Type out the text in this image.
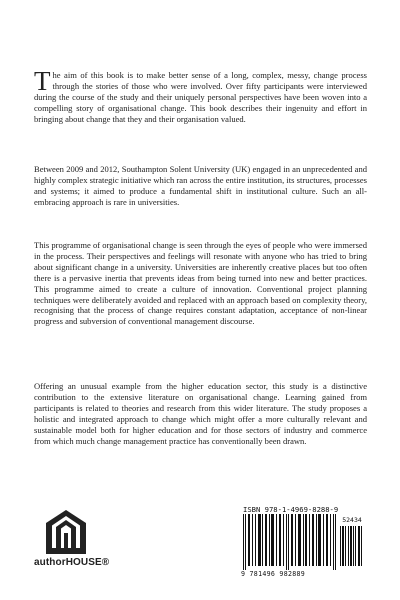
The aim of this book is to make better sense of a long, complex, messy, change process through the stories of those who were involved. Over fifty participants were interviewed during the course of the study and their uniquely personal perspectives have been woven into a compelling story of organisational change. This book describes their ingenuity and effort in bringing about change that they and their organisation valued.

Between 2009 and 2012, Southampton Solent University (UK) engaged in an unprecedented and highly complex strategic initiative which ran across the entire institution, its structures, processes and systems; it aimed to produce a fundamental shift in institutional culture. Such an all-embracing approach is rare in universities.

This programme of organisational change is seen through the eyes of people who were immersed in the process. Their perspectives and feelings will resonate with anyone who has tried to bring about significant change in a university. Universities are inherently creative places but too often there is a pervasive inertia that prevents ideas from being turned into new and better practices. This programme aimed to create a culture of innovation. Conventional project planning techniques were deliberately avoided and replaced with an approach based on complexity theory, recognising that the process of change requires constant adaptation, acceptance of non-linear progress and subversion of conventional management discourse.

Offering an unusual example from the higher education sector, this study is a distinctive contribution to the extensive literature on organisational change. Learning gained from participants is related to theories and research from this wider literature. The study proposes a holistic and integrated approach to change which might offer a more culturally relevant and sustainable model both for higher education and for those sectors of industry and commerce from which much change management practice has conventionally been drawn.

authorHOUSE®
ISBN 978-1-4969-8288-9
52434
9 781496 982889
